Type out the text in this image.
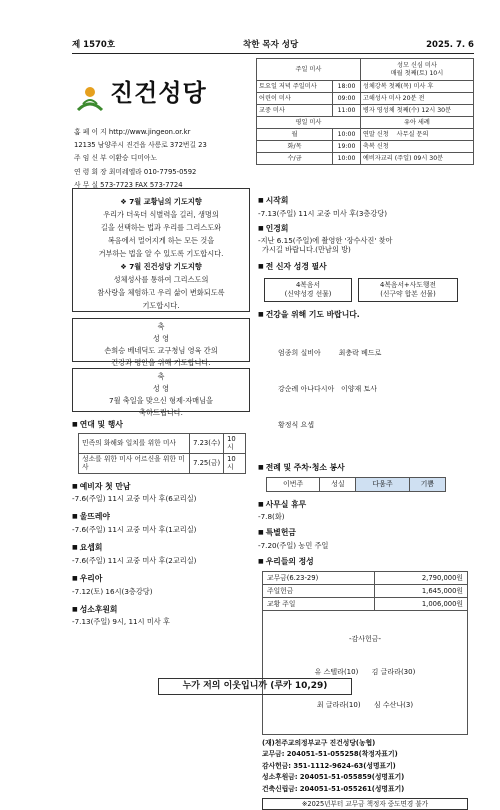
제 1570호	착한 목자 성당	2025. 7. 6
진건성당
홈 페 이 지 http://www.jingeon.or.kr
12135 남양주시 진건읍 사릉로 372번길 23
주 임 신 부 이환승 디미아노
연 령 회 장 최미레엘라 010-7795-0592
사 무 실 573-7723 FAX 573-7724
주일 미사		성모 신심 미사
매월 첫째(토) 10시
토요일 저녁 주일미사	18:00	성체강복 첫째(목) 미사 후
어린이 미사	09:00	고해성사 미사 20분 전
교중 미사	11:00	병자 영성체 첫째(수) 12시 30분
평일 미사		유아 세례
월	10:00	연말 신청 사무실 문의
화/목	19:00	축복 신청
수/금	10:00	예비자교리 (주일) 09시 30분
❖ 7월 교황님의 기도지향
우리가 더욱더 식별력을 길러, 생명의
길을 선택하는 법과 우리를 그리스도와
복음에서 멀어지게 하는 모든 것을
거부하는 법을 알 수 있도록 기도합시다.
❖ 7월 진건성당 기도지향
성체성사를 통하여 그리스도의
참사랑을 체험하고 우리 삶이 변화되도록
기도합시다.
축
성 영
손희승 베네딕도 교구청님 영육 간의
건강과 평안을 위해 기도합니다.
축
성 영
7월 축일을 맞으신 형제·자매님을
축하드립니다.
■ 연대 및 행사
민족의 화해와 일치를 위한 미사	7.23(수)	10시
성소를 위한 미사 어르신을 위한 미사	7.25(금)	10시
■ 예비자 첫 만남
-7.6(주일) 11시 교중 미사 후(6교리실)
■ 울뜨레야
-7.6(주일) 11시 교중 미사 후(1교리실)
■ 요셉회
-7.6(주일) 11시 교중 미사 후(2교리실)
■ 우리아
-7.12(토) 16시(3층강당)
■ 성소후원회
-7.13(주일) 9시, 11시 미사 후
■ 시작회
-7.13(주일) 11시 교중 미사 후(3층강당)
■ 인경회
-지난 6.15(주일)에 촬영한 '장수사진' 찾아
가시길 바랍니다.(만남의 방)
■ 전 신자 성경 필사
4복음서
(신약성경 선물)
4복음서+사도행전
(신구약 합본 선물)
■ 건강을 위해 기도 바랍니다.

엄종희 실비아        최충락 베드로

강순례 아나다시아   이양재 토사

황정식 요셉

■ 전례 및 주차·청소 봉사
이번주	성실	다움주	기쁨
■ 사무실 휴무
-7.8(화)
■ 특별헌금
-7.20(주일) 농민 주일
■ 우리들의 정성
교무금(6.23-29)	2,790,000원
주일헌금	1,645,000원
교황 주일	1,006,000원

-감사헌금-

유 스텔라(10)      김 글라라(30)

최 글라라(10)      심 수산나(3)	

(재)천주교의정부교구 진건성당(농협)
교무금: 204051-51-055258(착정자표기)
감사헌금: 351-1112-9624-63(성명표기)
성소후원금: 204051-51-055859(성명표기)
건축신립금: 204051-51-055261(성명표기)
※2025년부터 교무금 책정자 중도면경 불가
누가 저의 이웃입니까 (루카 10,29)
